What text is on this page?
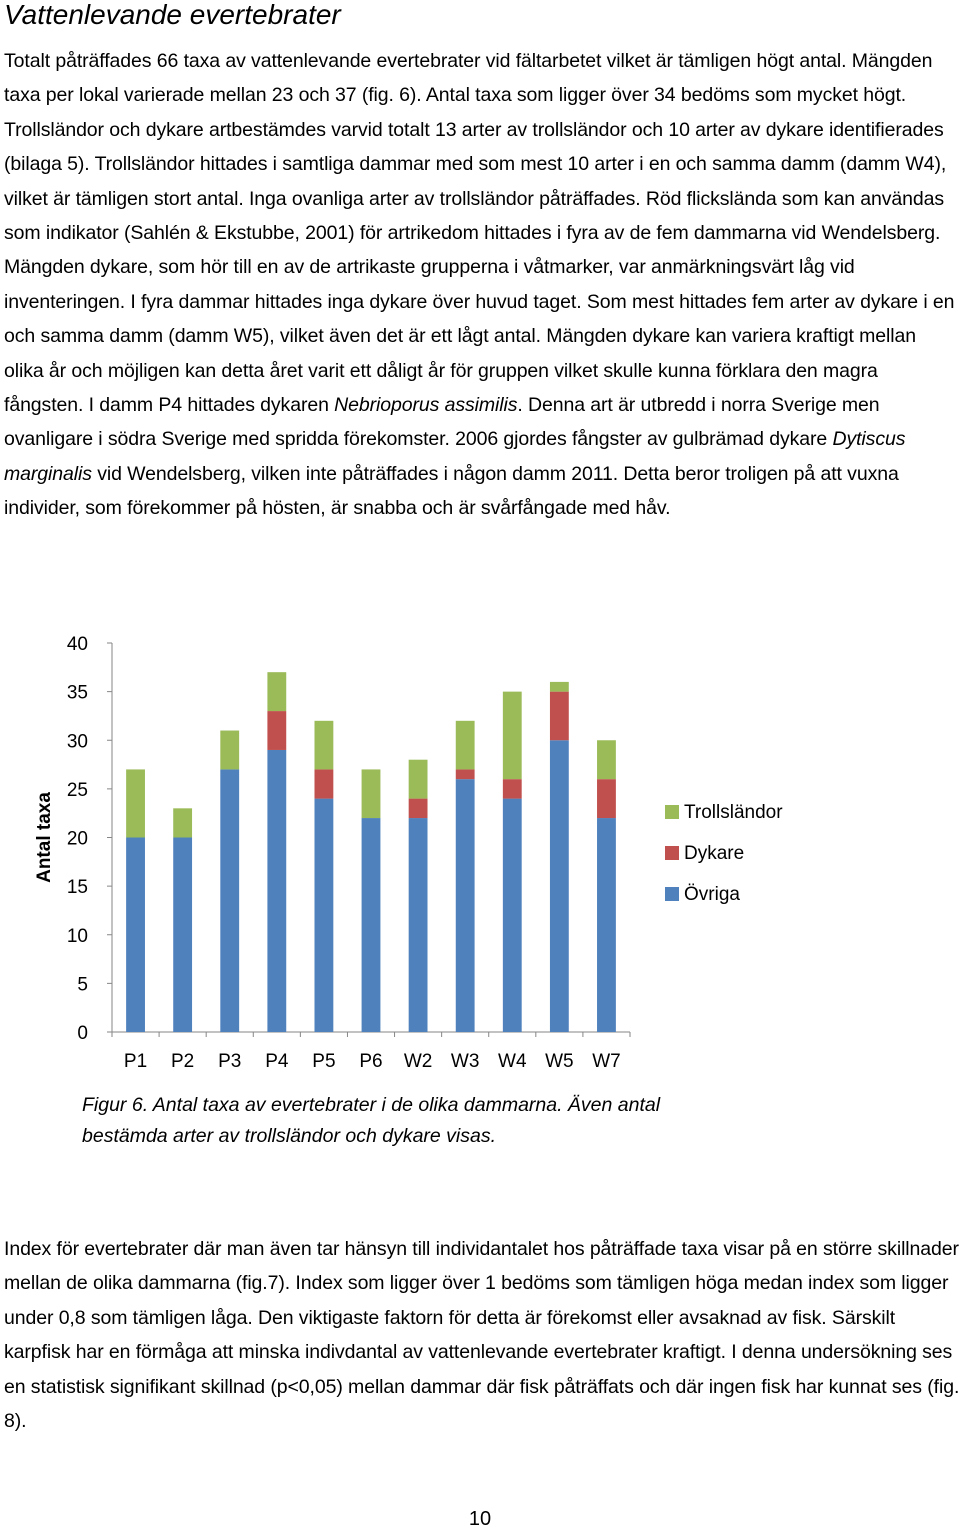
Vattenlevande evertebrater

Totalt påträffades 66 taxa av vattenlevande evertebrater vid fältarbetet vilket är tämligen högt antal. Mängden taxa per lokal varierade mellan 23 och 37 (fig. 6). Antal taxa som ligger över 34 bedöms som mycket högt. Trollsländor och dykare artbestämdes varvid totalt 13 arter av trollsländor och 10 arter av dykare identifierades (bilaga 5). Trollsländor hittades i samtliga dammar med som mest 10 arter i en och samma damm (damm W4), vilket är tämligen stort antal. Inga ovanliga arter av trollsländor påträffades. Röd flickslända som kan användas som indikator (Sahlén & Ekstubbe, 2001) för artrikedom hittades i fyra av de fem dammarna vid Wendelsberg. Mängden dykare, som hör till en av de artrikaste grupperna i våtmarker, var anmärkningsvärt låg vid inventeringen. I fyra dammar hittades inga dykare över huvud taget. Som mest hittades fem arter av dykare i en och samma damm (damm W5), vilket även det är ett lågt antal. Mängden dykare kan variera kraftigt mellan olika år och möjligen kan detta året varit ett dåligt år för gruppen vilket skulle kunna förklara den magra fångsten. I damm P4 hittades dykaren Nebrioporus assimilis. Denna art är utbredd i norra Sverige men ovanligare i södra Sverige med spridda förekomster. 2006 gjordes fångster av gulbrämad dykare Dytiscus marginalis vid Wendelsberg, vilken inte påträffades i någon damm 2011. Detta beror troligen på att vuxna individer, som förekommer på hösten, är snabba och är svårfångade med håv.

0
5
10
15
20
25
30
35
40
P1 P2 P3 P4 P5 P6 W2 W3 W4 W5 W7
Antal taxa	Trollsländor
Dykare
Övriga

Figur 6. Antal taxa av evertebrater i de olika dammarna. Även antal bestämda arter av trollsländor och dykare visas.

Index för evertebrater där man även tar hänsyn till individantalet hos påträffade taxa visar på en större skillnader mellan de olika dammarna (fig.7). Index som ligger över 1 bedöms som tämligen höga medan index som ligger under 0,8 som tämligen låga. Den viktigaste faktorn för detta är förekomst eller avsaknad av fisk. Särskilt karpfisk har en förmåga att minska indivdantal av vattenlevande evertebrater kraftigt. I denna undersökning ses en statistisk signifikant skillnad (p<0,05) mellan dammar där fisk påträffats och där ingen fisk har kunnat ses (fig. 8).

10
